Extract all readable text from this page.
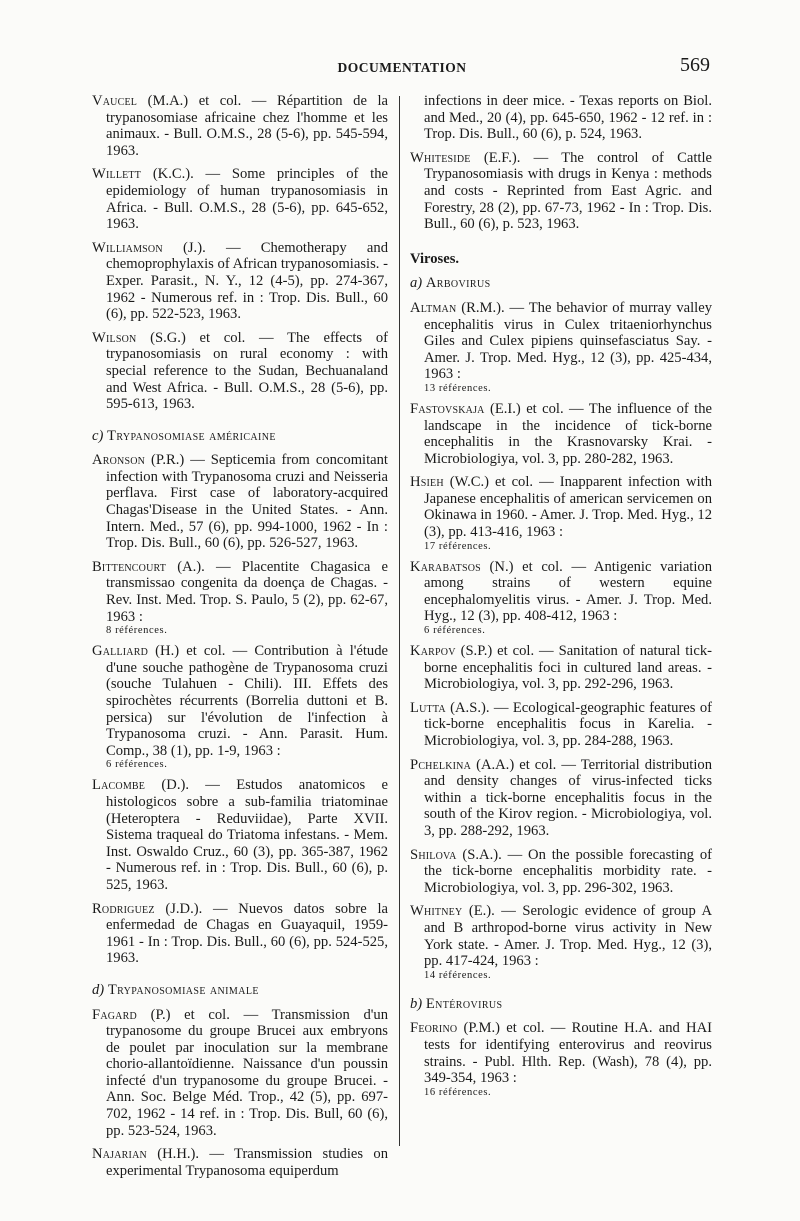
DOCUMENTATION	569

Vaucel (M.A.) et col. — Répartition de la trypanosomiase africaine chez l'homme et les animaux. - Bull. O.M.S., 28 (5-6), pp. 545-594, 1963.

Willett (K.C.). — Some principles of the epidemiology of human trypanosomiasis in Africa. - Bull. O.M.S., 28 (5-6), pp. 645-652, 1963.

Williamson (J.). — Chemotherapy and chemoprophylaxis of African trypanosomiasis. - Exper. Parasit., N. Y., 12 (4-5), pp. 274-367, 1962 - Numerous ref. in : Trop. Dis. Bull., 60 (6), pp. 522-523, 1963.

Wilson (S.G.) et col. — The effects of trypanosomiasis on rural economy : with special reference to the Sudan, Bechuanaland and West Africa. - Bull. O.M.S., 28 (5-6), pp. 595-613, 1963.

c) Trypanosomiase américaine

Aronson (P.R.) — Septicemia from concomitant infection with Trypanosoma cruzi and Neisseria perflava. First case of laboratory-acquired Chagas'Disease in the United States. - Ann. Intern. Med., 57 (6), pp. 994-1000, 1962 - In : Trop. Dis. Bull., 60 (6), pp. 526-527, 1963.

Bittencourt (A.). — Placentite Chagasica e transmissao congenita da doença de Chagas. - Rev. Inst. Med. Trop. S. Paulo, 5 (2), pp. 62-67, 1963 :
8 références.

Galliard (H.) et col. — Contribution à l'étude d'une souche pathogène de Trypanosoma cruzi (souche Tulahuen - Chili). III. Effets des spirochètes récurrents (Borrelia duttoni et B. persica) sur l'évolution de l'infection à Trypanosoma cruzi. - Ann. Parasit. Hum. Comp., 38 (1), pp. 1-9, 1963 :
6 références.

Lacombe (D.). — Estudos anatomicos e histologicos sobre a sub-familia triatominae (Heteroptera - Reduviidae), Parte XVII. Sistema traqueal do Triatoma infestans. - Mem. Inst. Oswaldo Cruz., 60 (3), pp. 365-387, 1962 - Numerous ref. in : Trop. Dis. Bull., 60 (6), p. 525, 1963.

Rodriguez (J.D.). — Nuevos datos sobre la enfermedad de Chagas en Guayaquil, 1959-1961 - In : Trop. Dis. Bull., 60 (6), pp. 524-525, 1963.

d) Trypanosomiase animale

Fagard (P.) et col. — Transmission d'un trypanosome du groupe Brucei aux embryons de poulet par inoculation sur la membrane chorio-allantoïdienne. Naissance d'un poussin infecté d'un trypanosome du groupe Brucei. - Ann. Soc. Belge Méd. Trop., 42 (5), pp. 697-702, 1962 - 14 ref. in : Trop. Dis. Bull, 60 (6), pp. 523-524, 1963.

Najarian (H.H.). — Transmission studies on experimental Trypanosoma equiperdum

infections in deer mice. - Texas reports on Biol. and Med., 20 (4), pp. 645-650, 1962 - 12 ref. in : Trop. Dis. Bull., 60 (6), p. 524, 1963.

Whiteside (E.F.). — The control of Cattle Trypanosomiasis with drugs in Kenya : methods and costs - Reprinted from East Agric. and Forestry, 28 (2), pp. 67-73, 1962 - In : Trop. Dis. Bull., 60 (6), p. 523, 1963.

Viroses.
a) Arbovirus

Altman (R.M.). — The behavior of murray valley encephalitis virus in Culex tritaeniorhynchus Giles and Culex pipiens quinsefasciatus Say. - Amer. J. Trop. Med. Hyg., 12 (3), pp. 425-434, 1963 :
13 références.

Fastovskaja (E.I.) et col. — The influence of the landscape in the incidence of tick-borne encephalitis in the Krasnovarsky Krai. - Microbiologiya, vol. 3, pp. 280-282, 1963.

Hsieh (W.C.) et col. — Inapparent infection with Japanese encephalitis of american servicemen on Okinawa in 1960. - Amer. J. Trop. Med. Hyg., 12 (3), pp. 413-416, 1963 :
17 références.

Karabatsos (N.) et col. — Antigenic variation among strains of western equine encephalomyelitis virus. - Amer. J. Trop. Med. Hyg., 12 (3), pp. 408-412, 1963 :
6 références.

Karpov (S.P.) et col. — Sanitation of natural tick-borne encephalitis foci in cultured land areas. - Microbiologiya, vol. 3, pp. 292-296, 1963.

Lutta (A.S.). — Ecological-geographic features of tick-borne encephalitis focus in Karelia. - Microbiologiya, vol. 3, pp. 284-288, 1963.

Pchelkina (A.A.) et col. — Territorial distribution and density changes of virus-infected ticks within a tick-borne encephalitis focus in the south of the Kirov region. - Microbiologiya, vol. 3, pp. 288-292, 1963.

Shilova (S.A.). — On the possible forecasting of the tick-borne encephalitis morbidity rate. - Microbiologiya, vol. 3, pp. 296-302, 1963.

Whitney (E.). — Serologic evidence of group A and B arthropod-borne virus activity in New York state. - Amer. J. Trop. Med. Hyg., 12 (3), pp. 417-424, 1963 :
14 références.

b) Entérovirus

Feorino (P.M.) et col. — Routine H.A. and HAI tests for identifying enterovirus and reovirus strains. - Publ. Hlth. Rep. (Wash), 78 (4), pp. 349-354, 1963 :
16 références.
